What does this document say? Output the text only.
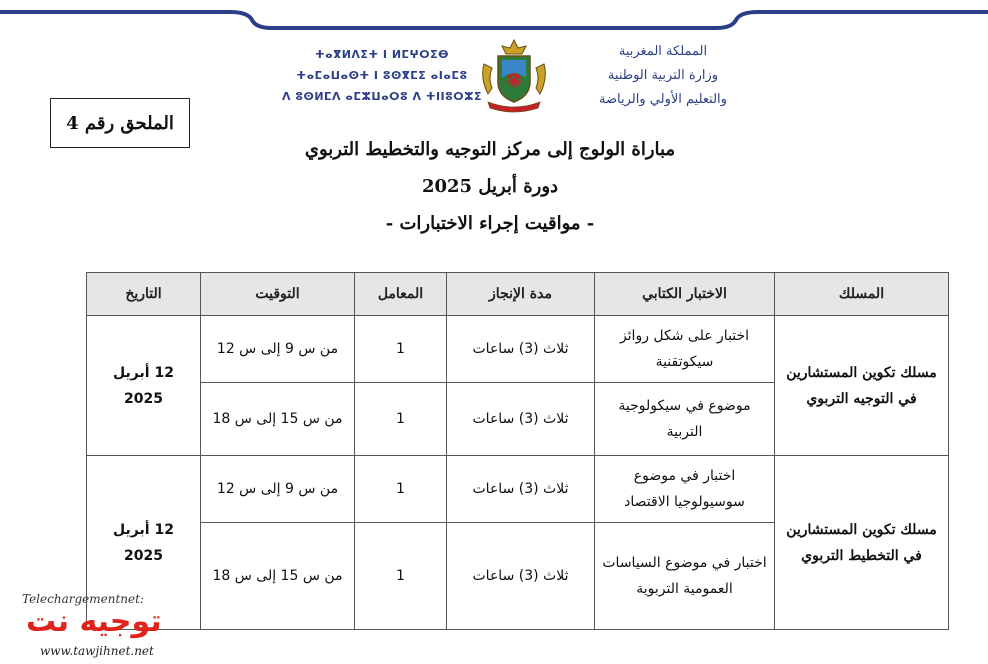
ⵜⴰⴳⵍⴷⵉⵜ ⵏ ⵍⵎⵖⵔⵉⴱ
ⵜⴰⵎⴰⵡⴰⵙⵜ ⵏ ⵓⵙⴳⵎⵉ ⴰⵏⴰⵎⵓ
ⴷ ⵓⵙⵍⵎⴷ ⴰⵎⵣⵡⴰⵔⵓ ⴷ ⵜⵏⵏⵓⵔⵣⵉ
المملكة المغربية
وزارة التربية الوطنية
والتعليم الأولي والرياضة
الملحق رقم 4
مباراة الولوج إلى مركز التوجيه والتخطيط التربوي
دورة أبريل 2025
- مواقيت إجراء الاختبارات -
المسلك	الاختبار الكتابي	مدة الإنجاز	المعامل	التوقيت	التاريخ
مسلك تكوين المستشارين في التوجيه التربوي	اختبار على شكل روائز سيكوتقنية	ثلاث (3) ساعات	1	من س 9 إلى س 12	12 أبريل 2025
	موضوع في سيكولوجية التربية	ثلاث (3) ساعات	1	من س 15 إلى س 18	
مسلك تكوين المستشارين في التخطيط التربوي	اختبار في موضوع سوسيولوجيا الاقتصاد	ثلاث (3) ساعات	1	من س 9 إلى س 12	12 أبريل 2025
	اختبار في موضوع السياسات العمومية التربوية	ثلاث (3) ساعات	1	من س 15 إلى س 18	
Telechargementnet:
توجيه نت
www.tawjihnet.net
